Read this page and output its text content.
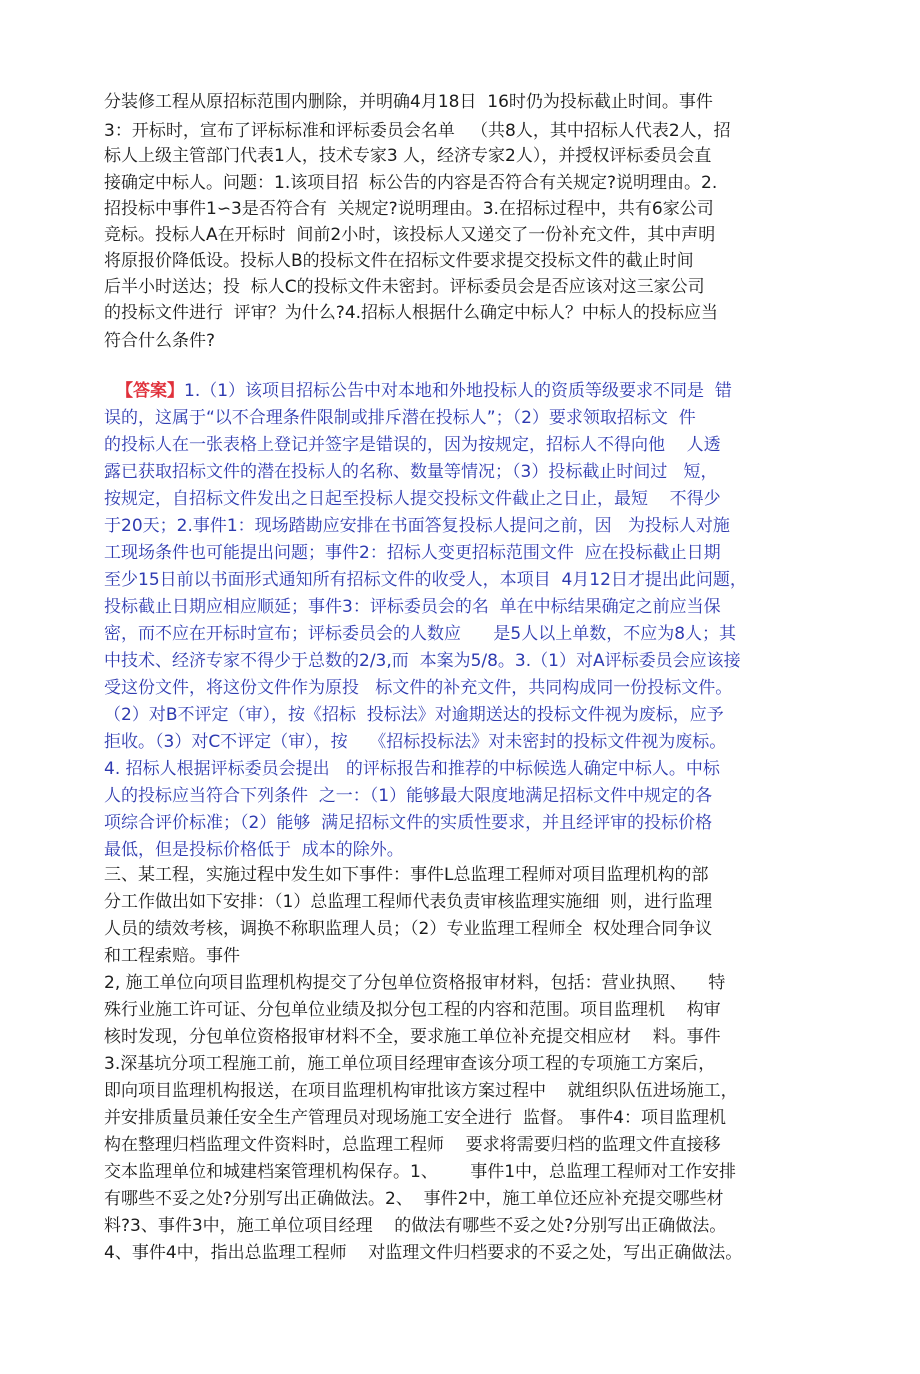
分装修工程从原招标范围内删除，并明确4月18日  16时仍为投标截止时间。事件

3：开标时，宣布了评标标准和评标委员会名单   （共8人，其中招标人代表2人，招

标人上级主管部门代表1人，技术专家3 人，经济专家2人），并授权评标委员会直

接确定中标人。问题：1.该项目招  标公告的内容是否符合有关规定?说明理由。2.

招投标中事件1∽3是否符合有  关规定?说明理由。3.在招标过程中，共有6家公司

竞标。投标人A在开标时  间前2小时，该投标人又递交了一份补充文件，其中声明

将原报价降低设。投标人B的投标文件在招标文件要求提交投标文件的截止时间

后半小时送达；投  标人C的投标文件未密封。评标委员会是否应该对这三家公司

的投标文件进行  评审？为什么?4.招标人根据什么确定中标人？中标人的投标应当

符合什么条件?

【答案】1.（1）该项目招标公告中对本地和外地投标人的资质等级要求不同是  错

误的，这属于“以不合理条件限制或排斥潜在投标人”；（2）要求领取招标文  件

的投标人在一张表格上登记并签字是错误的，因为按规定，招标人不得向他    人透

露已获取招标文件的潜在投标人的名称、数量等情况；（3）投标截止时间过   短，

按规定，自招标文件发出之日起至投标人提交投标文件截止之日止，最短    不得少

于20天；2.事件1：现场踏勘应安排在书面答复投标人提问之前，因   为投标人对施

工现场条件也可能提出问题；事件2：招标人变更招标范围文件  应在投标截止日期

至少15日前以书面形式通知所有招标文件的收受人，本项目  4月12日才提出此问题，

投标截止日期应相应顺延；事件3：评标委员会的名  单在中标结果确定之前应当保

密，而不应在开标时宣布；评标委员会的人数应      是5人以上单数，不应为8人；其

中技术、经济专家不得少于总数的2/3,而  本案为5/8。3.（1）对A评标委员会应该接

受这份文件，将这份文件作为原投   标文件的补充文件，共同构成同一份投标文件。

（2）对B不评定（审），按《招标  投标法》对逾期送达的投标文件视为废标，应予

拒收。（3）对C不评定（审），按    《招标投标法》对未密封的投标文件视为废标。

4. 招标人根据评标委员会提出   的评标报告和推荐的中标候选人确定中标人。中标

人的投标应当符合下列条件  之一：（1）能够最大限度地满足招标文件中规定的各

项综合评价标准；（2）能够  满足招标文件的实质性要求，并且经评审的投标价格

最低，但是投标价格低于  成本的除外。

三、某工程，实施过程中发生如下事件：事件L总监理工程师对项目监理机构的部

分工作做出如下安排：（1）总监理工程师代表负责审核监理实施细  则，进行监理

人员的绩效考核，调换不称职监理人员；（2）专业监理工程师全  权处理合同争议

和工程索赔。事件

2, 施工单位向项目监理机构提交了分包单位资格报审材料，包括：营业执照、    特

殊行业施工许可证、分包单位业绩及拟分包工程的内容和范围。项目监理机    构审

核时发现，分包单位资格报审材料不全，要求施工单位补充提交相应材    料。事件

3.深基坑分项工程施工前，施工单位项目经理审查该分项工程的专项施工方案后，

即向项目监理机构报送，在项目监理机构审批该方案过程中    就组织队伍进场施工，

并安排质量员兼任安全生产管理员对现场施工安全进行  监督。 事件4：项目监理机

构在整理归档监理文件资料时，总监理工程师    要求将需要归档的监理文件直接移

交本监理单位和城建档案管理机构保存。1、      事件1中，总监理工程师对工作安排

有哪些不妥之处?分别写出正确做法。2、  事件2中，施工单位还应补充提交哪些材

料?3、事件3中，施工单位项目经理    的做法有哪些不妥之处?分别写出正确做法。

4、事件4中，指出总监理工程师    对监理文件归档要求的不妥之处，写出正确做法。
